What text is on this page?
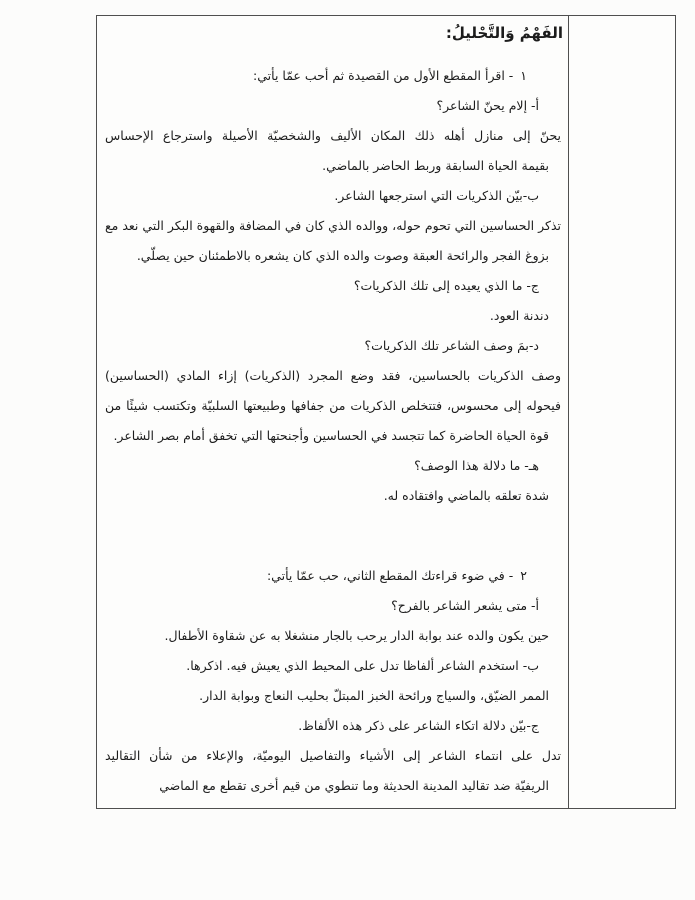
الفَهْمُ وَالتَّحْليلُ:
١- اقرأ المقطع الأول من القصيدة ثم أحب عمّا يأتي:
أ- إلام يحنّ الشاعر؟
يحنّ إلى منازل أهله ذلك المكان الأليف والشخصيّة الأصيلة واسترجاع الإحساس
بقيمة الحياة السابقة وربط الحاضر بالماضي.
ب-بيّن الذكريات التي استرجعها الشاعر.
تذكر الحساسين التي تحوم حوله، ووالده الذي كان في المضافة والقهوة البكر التي نعد مع
بزوغ الفجر والرائحة العبقة وصوت والده الذي كان يشعره بالاطمئنان حين يصلّي.
ج- ما الذي يعيده إلى تلك الذكريات؟
دندنة العود.
د-بمَ وصف الشاعر تلك الذكريات؟
وصف الذكريات بالحساسين، فقد وضع المجرد (الذكريات) إزاء المادي (الحساسين)
فيحوله إلى محسوس، فتتخلص الذكريات من جفافها وطبيعتها السلبيّة وتكتسب شيئًا من
قوة الحياة الحاضرة كما تتجسد في الحساسين وأجنحتها التي تخفق أمام بصر الشاعر.
هـ- ما دلالة هذا الوصف؟
شدة تعلقه بالماضي وافتقاده له.
٢- في ضوء قراءتك المقطع الثاني، حب عمّا يأتي:
أ- متى يشعر الشاعر بالفرح؟
حين يكون والده عند بوابة الدار يرحب بالجار منشغلا به عن شقاوة الأطفال.
ب- استخدم الشاعر ألفاظا تدل على المحيط الذي يعيش فيه. اذكرها.
الممر الضيّق، والسياج ورائحة الخبز المبتلّ بحليب النعاج وبوابة الدار.
ج-بيّن دلالة اتكاء الشاعر على ذكر هذه الألفاظ.
تدل على انتماء الشاعر إلى الأشياء والتفاصيل اليوميّة، والإعلاء من شأن التقاليد
الريفيّة ضد تقاليد المدينة الحديثة وما تنطوي من قيم أخرى تقطع مع الماضي
